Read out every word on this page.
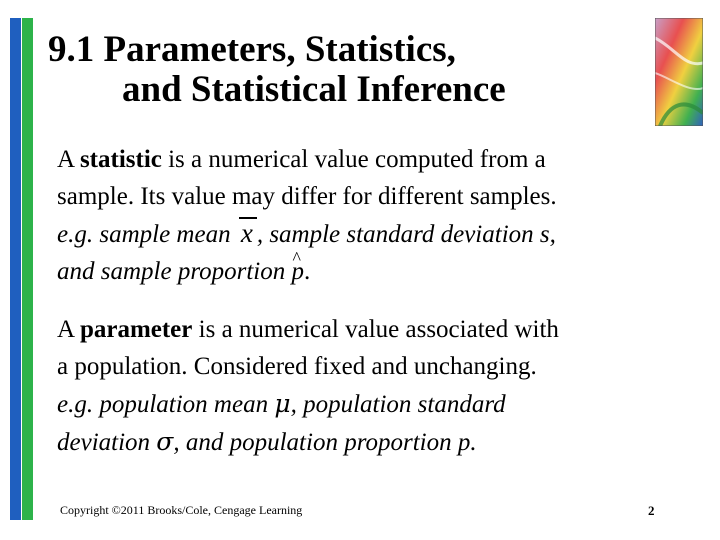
9.1 Parameters, Statistics,
and Statistical Inference
A statistic is a numerical value computed from a
sample. Its value may differ for different samples.
e.g. sample mean x , sample standard deviation s,
and sample proportion ^ p.
A parameter is a numerical value associated with
a population. Considered fixed and unchanging.
e.g. population mean μ, population standard
deviation σ, and population proportion p.
Copyright ©2011 Brooks/Cole, Cengage Learning	2
